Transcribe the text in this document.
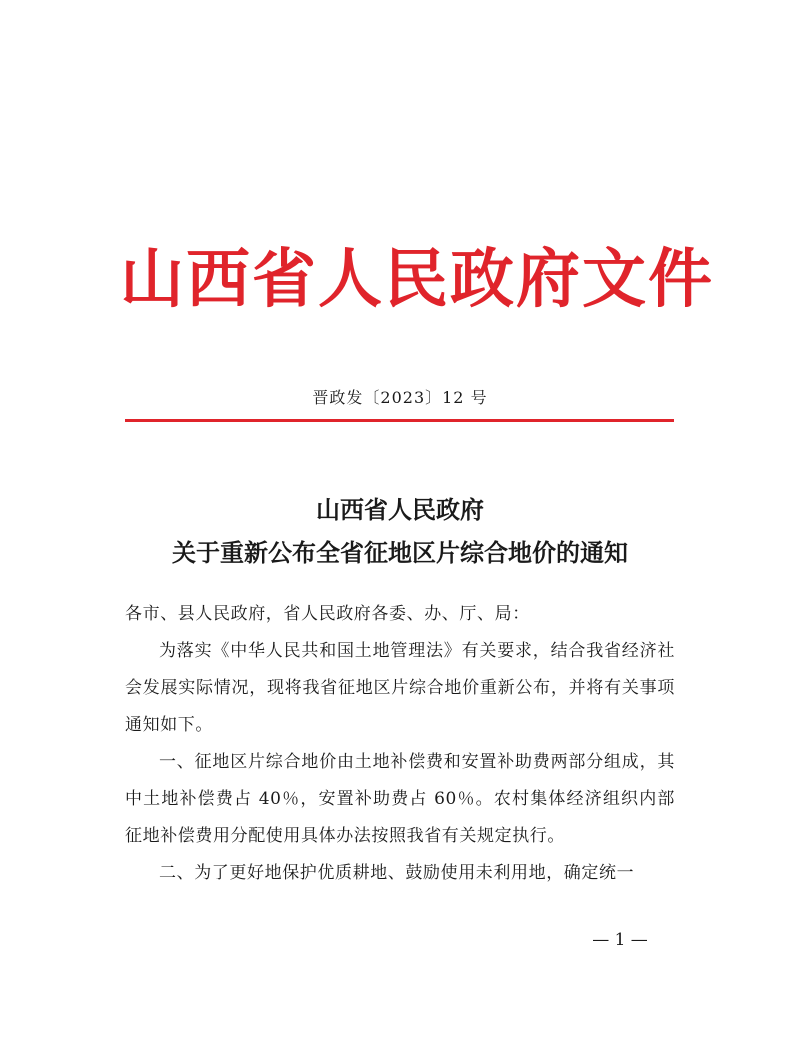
山西省人民政府文件
晋政发〔2023〕12 号
山西省人民政府
关于重新公布全省征地区片综合地价的通知

各市、县人民政府，省人民政府各委、办、厅、局：

为落实《中华人民共和国土地管理法》有关要求，结合我省经济社会发展实际情况，现将我省征地区片综合地价重新公布，并将有关事项通知如下。

一、征地区片综合地价由土地补偿费和安置补助费两部分组成，其中土地补偿费占 40％，安置补助费占 60％。农村集体经济组织内部征地补偿费用分配使用具体办法按照我省有关规定执行。

二、为了更好地保护优质耕地、鼓励使用未利用地，确定统一

— 1 —
